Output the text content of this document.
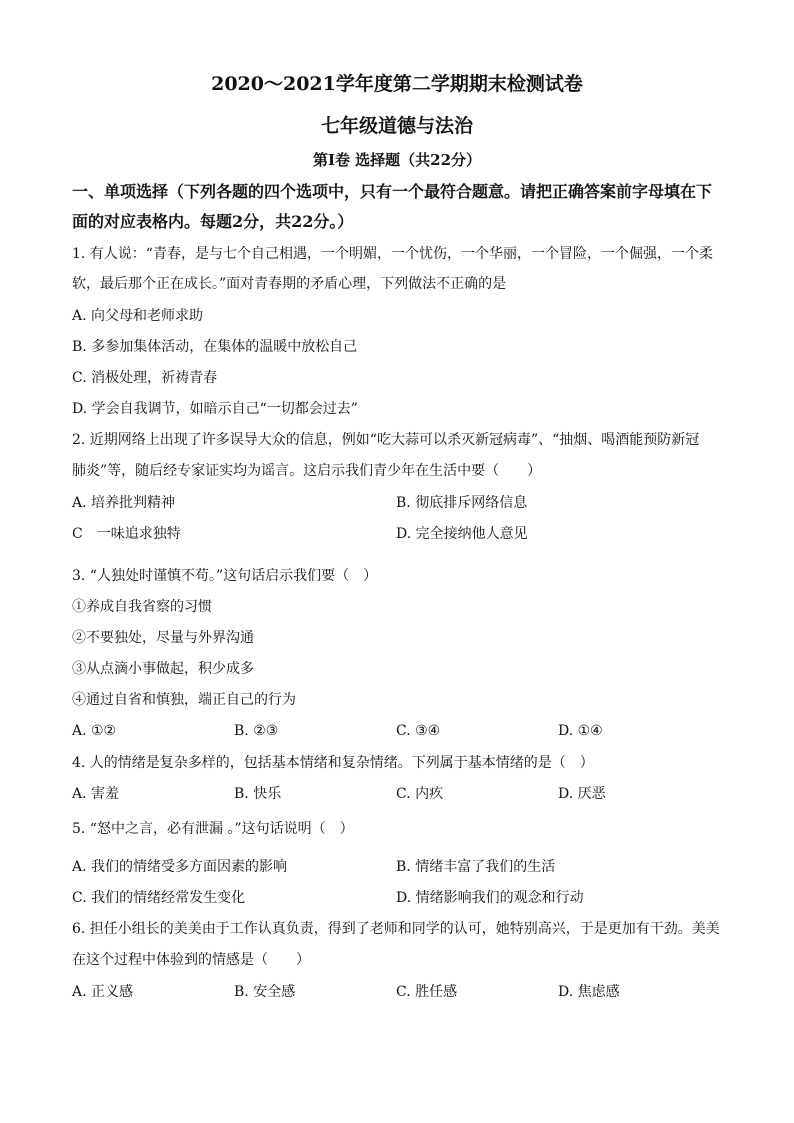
2020～2021学年度第二学期期末检测试卷
七年级道德与法治
第Ⅰ卷 选择题（共22分）
一、单项选择（下列各题的四个选项中，只有一个最符合题意。请把正确答案前字母填在下
面的对应表格内。每题2分，共22分。）
1. 有人说：“青春，是与七个自己相遇，一个明媚，一个忧伤，一个华丽，一个冒险，一个倔强，一个柔
软，最后那个正在成长。”面对青春期的矛盾心理，下列做法不正确的是
A. 向父母和老师求助
B. 多参加集体活动，在集体的温暖中放松自己
C. 消极处理，祈祷青春
D. 学会自我调节，如暗示自己“一切都会过去”
2. 近期网络上出现了许多误导大众的信息，例如“吃大蒜可以杀灭新冠病毒”、“抽烟、喝酒能预防新冠
肺炎”等，随后经专家证实均为谣言。这启示我们青少年在生活中要（　　）
A. 培养批判精神	B. 彻底排斥网络信息
C　一味追求独特	D. 完全接纳他人意见
3. “人独处时谨慎不苟。”这句话启示我们要（　）
①养成自我省察的习惯
②不要独处，尽量与外界沟通
③从点滴小事做起，积少成多
④通过自省和慎独，端正自己的行为
A. ①②	B. ②③	C. ③④	D. ①④
4. 人的情绪是复杂多样的，包括基本情绪和复杂情绪。下列属于基本情绪的是（　）
A. 害羞	B. 快乐	C. 内疚	D. 厌恶
5. “怒中之言，必有泄漏 。”这句话说明（　）
A. 我们的情绪受多方面因素的影响	B. 情绪丰富了我们的生活
C. 我们的情绪经常发生变化	D. 情绪影响我们的观念和行动
6. 担任小组长的美美由于工作认真负责，得到了老师和同学的认可，她特别高兴，于是更加有干劲。美美
在这个过程中体验到的情感是（　　）
A. 正义感	B. 安全感	C. 胜任感	D. 焦虑感
